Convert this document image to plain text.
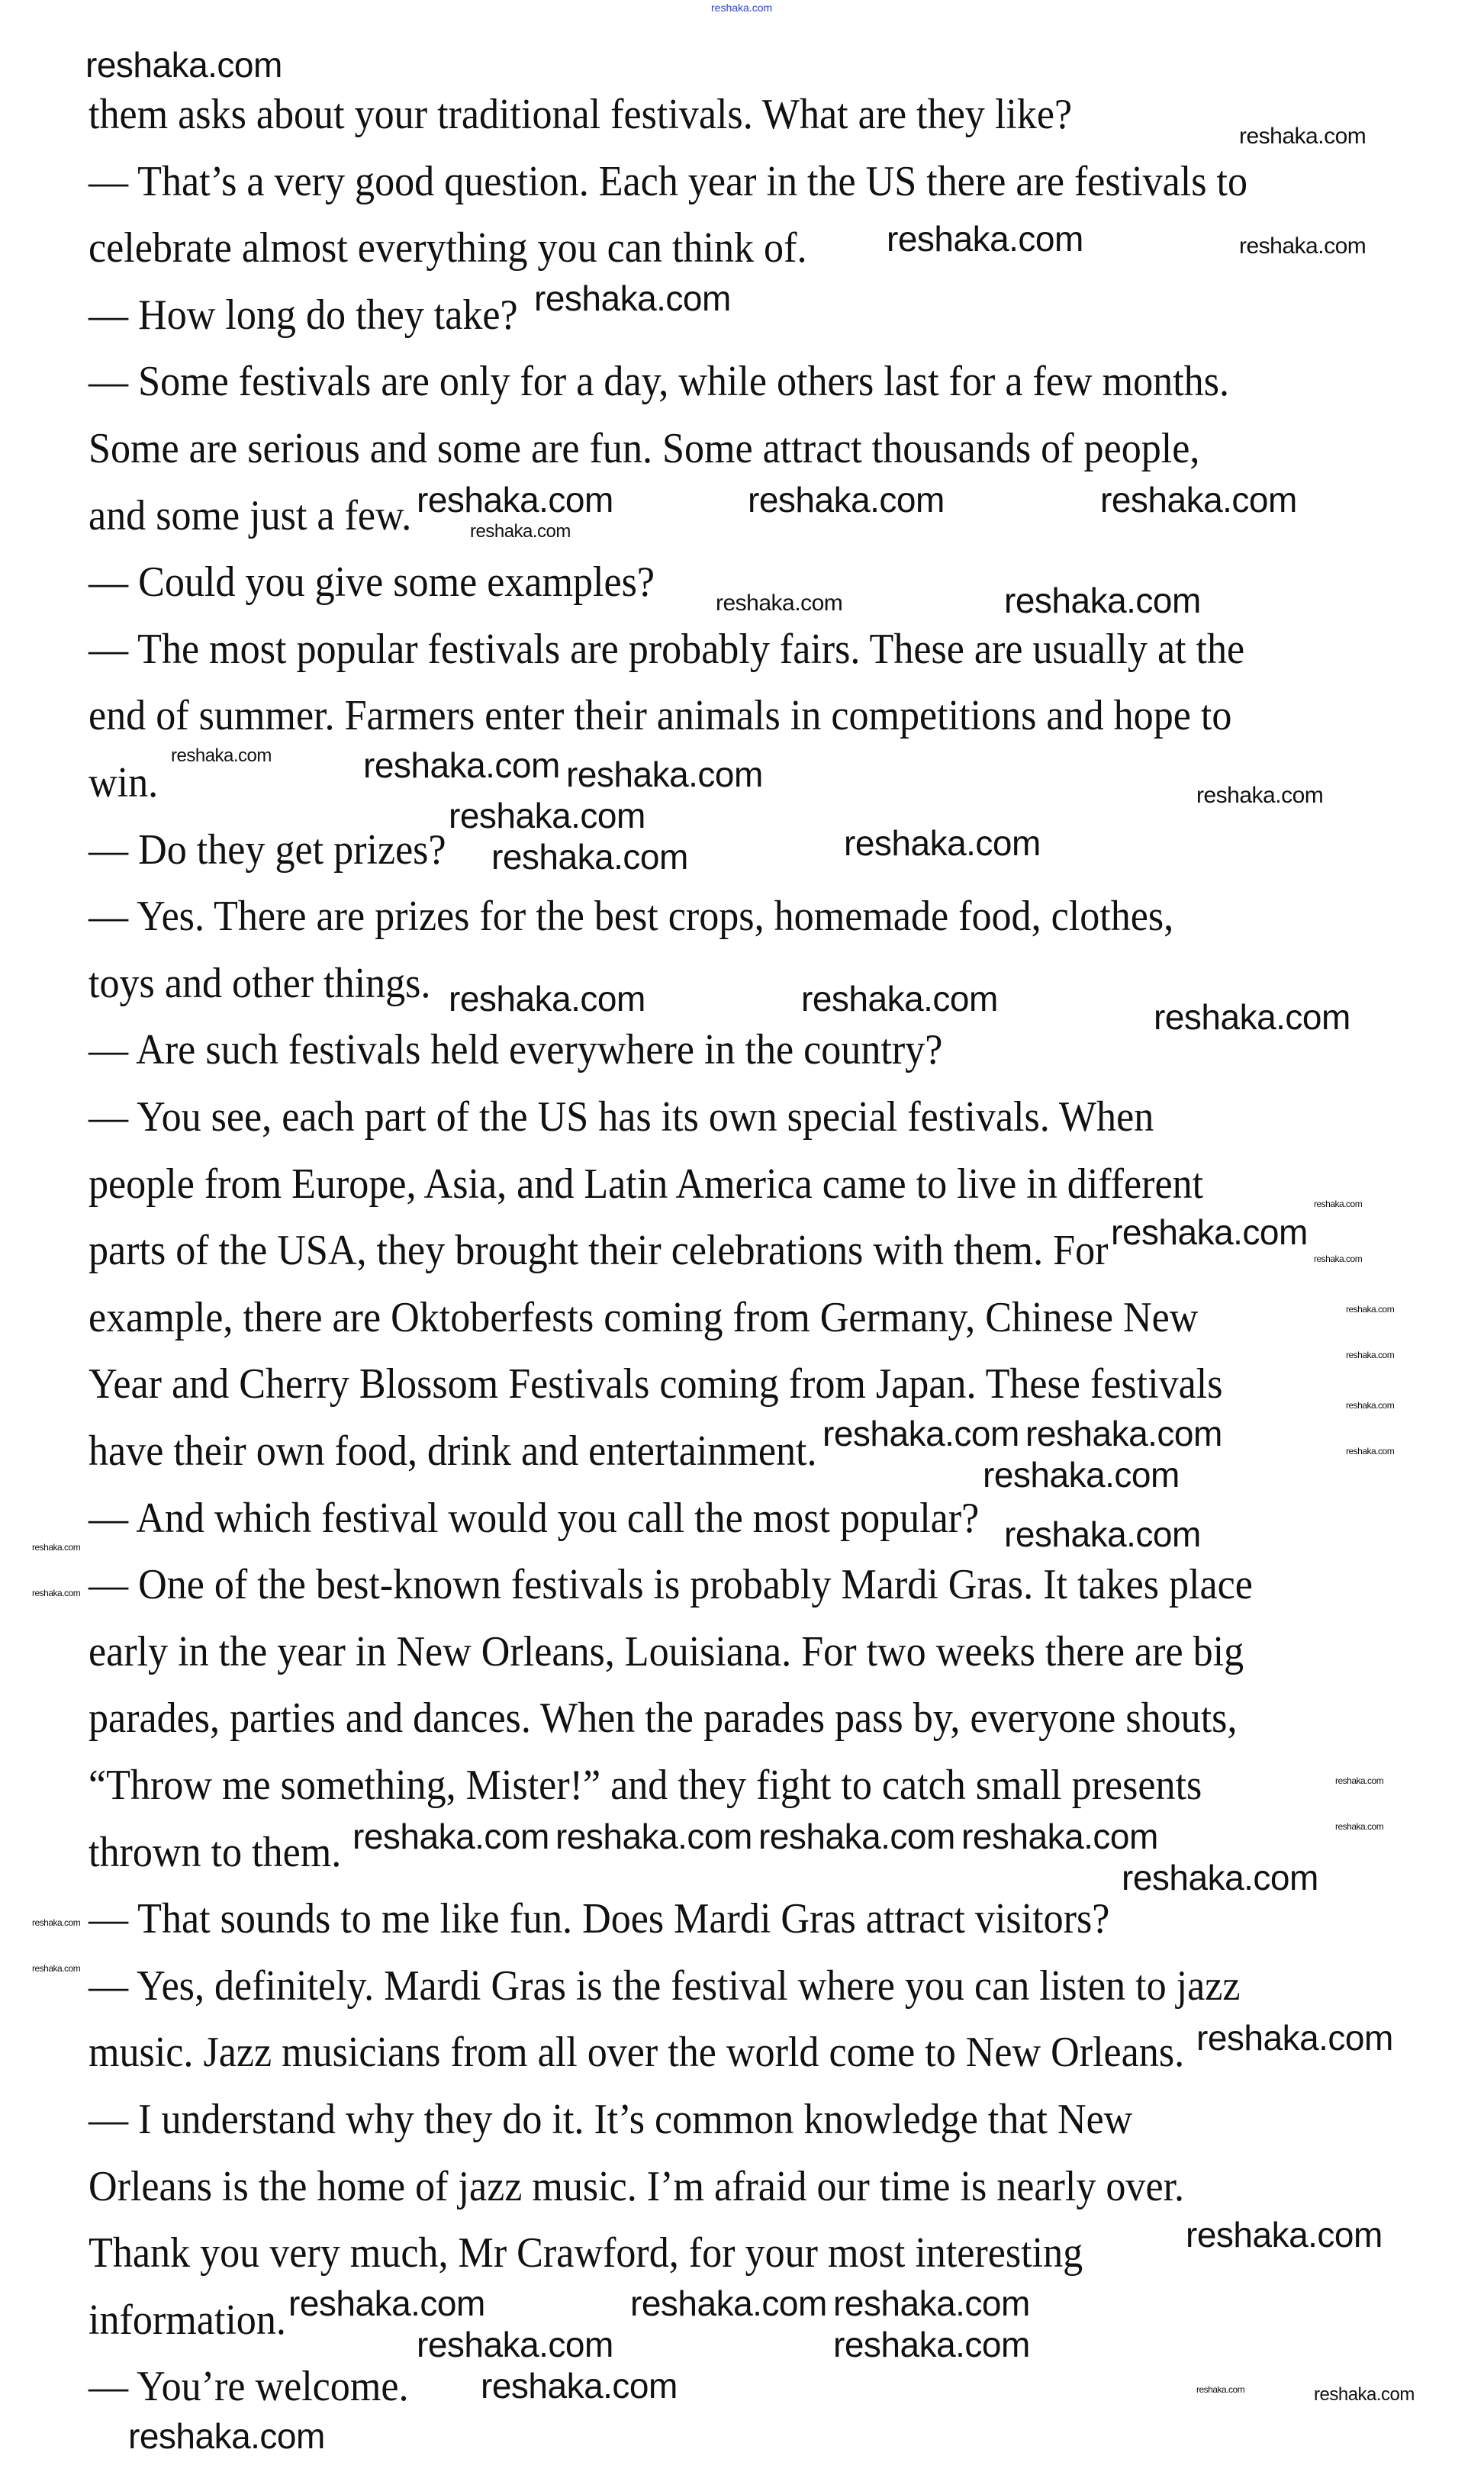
reshaka.com
them asks about your traditional festivals. What are they like?
— That’s a very good question. Each year in the US there are festivals to
celebrate almost everything you can think of.
— How long do they take?
— Some festivals are only for a day, while others last for a few months.
Some are serious and some are fun. Some attract thousands of people,
and some just a few.
— Could you give some examples?
— The most popular festivals are probably fairs. These are usually at the
end of summer. Farmers enter their animals in competitions and hope to
win.
— Do they get prizes?
— Yes. There are prizes for the best crops, homemade food, clothes,
toys and other things.
— Are such festivals held everywhere in the country?
— You see, each part of the US has its own special festivals. When
people from Europe, Asia, and Latin America came to live in different
parts of the USA, they brought their celebrations with them. For
example, there are Oktoberfests coming from Germany, Chinese New
Year and Cherry Blossom Festivals coming from Japan. These festivals
have their own food, drink and entertainment.
— And which festival would you call the most popular?
— One of the best-known festivals is probably Mardi Gras. It takes place
early in the year in New Orleans, Louisiana. For two weeks there are big
parades, parties and dances. When the parades pass by, everyone shouts,
“Throw me something, Mister!” and they fight to catch small presents
thrown to them.
— That sounds to me like fun. Does Mardi Gras attract visitors?
— Yes, definitely. Mardi Gras is the festival where you can listen to jazz
music. Jazz musicians from all over the world come to New Orleans.
— I understand why they do it. It’s common knowledge that New
Orleans is the home of jazz music. I’m afraid our time is nearly over.
Thank you very much, Mr Crawford, for your most interesting
information.
— You’re welcome.
reshaka.com
reshaka.com
reshaka.com
reshaka.com	reshaka.com
reshaka.com
reshaka.com
reshaka.com	reshaka.com
reshaka.com	reshaka.com
reshaka.com	reshaka.com
reshaka.com
reshaka.com
reshaka.com	reshaka.com
reshaka.com	reshaka.com	reshaka.com
reshaka.com
reshaka.com
reshaka.com
reshaka.com
reshaka.com
reshaka.com
reshaka.com
reshaka.com
reshaka.com
reshaka.com
reshaka.com
reshaka.com
reshaka.com
reshaka.com
reshaka.com
reshaka.com
reshaka.com reshaka.com
reshaka.com
reshaka.com
reshaka.com
reshaka.com
reshaka.com
reshaka.com	reshaka.com
reshaka.com
reshaka.com
reshaka.com
reshaka.com
reshaka.com
reshaka.com
reshaka.com
reshaka.com	reshaka.com
